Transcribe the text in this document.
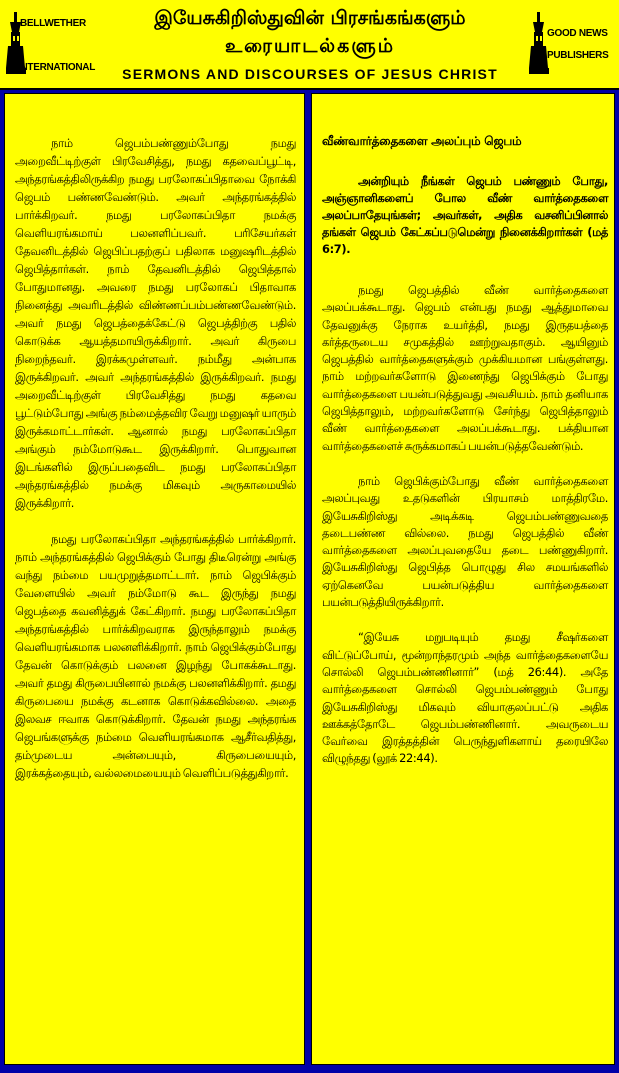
BELLWETHER
INTERNATIONAL
இயேசுகிறிஸ்துவின் பிரசங்கங்களும்
உரையாடல்களும்
SERMONS AND DISCOURSES OF JESUS CHRIST
GOOD NEWS
PUBLISHERS

நாம் ஜெபம்பண்ணும்போது நமது அறைவீட்டிற்குள் பிரவேசித்து, நமது கதவைப்பூட்டி, அந்தரங்கத்திலிருக்கிற நமது பரலோகப்பிதாவை நோக்கி ஜெபம் பண்ணவேண்டும். அவர் அந்தரங்கத்தில் பார்க்கிறவர். நமது பரலோகப்பிதா நமக்கு வெளியரங்கமாய் பலனளிப்பவர். பரிசேயர்கள் தேவனிடத்தில் ஜெபிப்பதற்குப் பதிலாக மனுஷரிடத்தில் ஜெபித்தார்கள். நாம் தேவனிடத்தில் ஜெபித்தால் போதுமானது. அவரை நமது பரலோகப் பிதாவாக நினைத்து அவரிடத்தில் விண்ணப்பம்பண்ணவேண்டும். அவர் நமது ஜெபத்தைக்கேட்டு ஜெபத்திற்கு பதில் கொடுக்க ஆயத்தமாயிருக்கிறார். அவர் கிருபை நிறைந்தவர். இரக்கமுள்ளவர். நம்மீது அன்பாக இருக்கிறவர். அவர் அந்தரங்கத்தில் இருக்கிறவர். நமது அறைவீட்டிற்குள் பிரவேசித்து நமது கதவை பூட்டும்போது அங்கு நம்மைத்தவிர வேறு மனுஷர் யாரும் இருக்கமாட்டார்கள். ஆனால் நமது பரலோகப்பிதா அங்கும் நம்மோடுகூட இருக்கிறார். பொதுவான இடங்களில் இருப்பதைவிட நமது பரலோகப்பிதா அந்தரங்கத்தில் நமக்கு மிகவும் அருகாமையில் இருக்கிறார்.

நமது பரலோகப்பிதா அந்தரங்கத்தில் பார்க்கிறார். நாம் அந்தரங்கத்தில் ஜெபிக்கும் போது திடீரென்று அங்கு வந்து நம்மை பயமுறுத்தமாட்டார். நாம் ஜெபிக்கும் வேளையில் அவர் நம்மோடு கூட இருந்து நமது ஜெபத்தை கவனித்துக் கேட்கிறார். நமது பரலோகப்பிதா அந்தரங்கத்தில் பார்க்கிறவராக இருந்தாலும் நமக்கு வெளியரங்கமாக பலனளிக்கிறார். நாம் ஜெபிக்கும்போது தேவன் கொடுக்கும் பலனை இழந்து போகக்கூடாது. அவர் தமது கிருபையினால் நமக்கு பலனளிக்கிறார். தமது கிருபையை நமக்கு கடனாக கொடுக்கவில்லை. அதை இலவச ஈவாக கொடுக்கிறார். தேவன் நமது அந்தரங்க ஜெபங்களுக்கு நம்மை வெளியரங்கமாக ஆசீர்வதித்து, தம்முடைய அன்பையும், கிருபையையும், இரக்கத்தையும், வல்லமையையும் வெளிப்படுத்துகிறார்.

வீண்வார்த்தைகளை அலப்பும் ஜெபம்
அன்றியும் நீங்கள் ஜெபம் பண்ணும் போது, அஞ்ஞானிகளைப் போல வீண் வார்த்தைகளை அலப்பாதேயுங்கள்; அவர்கள், அதிக வசனிப்பினால் தங்கள் ஜெபம் கேட்கப்படுமென்று நினைக்கிறார்கள் (மத் 6:7).

நமது ஜெபத்தில் வீண் வார்த்தைகளை அலப்பக்கூடாது. ஜெபம் என்பது நமது ஆத்துமாவை தேவனுக்கு நேராக உயர்த்தி, நமது இருதயத்தை கர்த்தருடைய சமுகத்தில் ஊற்றுவதாகும். ஆயினும் ஜெபத்தில் வார்த்தைகளுக்கும் முக்கியமான பங்குள்ளது. நாம் மற்றவர்களோடு இணைந்து ஜெபிக்கும் போது வார்த்தைகளை பயன்படுத்துவது அவசியம். நாம் தனியாக ஜெபித்தாலும், மற்றவர்களோடு சேர்ந்து ஜெபித்தாலும் வீண் வார்த்தைகளை அலப்பக்கூடாது. பக்தியான வார்த்தைகளைச் சுருக்கமாகப் பயன்படுத்தவேண்டும்.

நாம் ஜெபிக்கும்போது வீண் வார்த்தைகளை அலப்புவது உதடுகளின் பிரயாசம் மாத்திரமே. இயேசுகிறிஸ்து அடிக்கடி ஜெபம்பண்ணுவதை தடைபண்ண வில்லை. நமது ஜெபத்தில் வீண் வார்த்தைகளை அலப்புவதையே தடை பண்ணுகிறார். இயேசுகிறிஸ்து ஜெபித்த பொழுது சில சமயங்களில் ஏற்கெனவே பயன்படுத்திய வார்த்தைகளை பயன்படுத்தியிருக்கிறார்.

“இயேசு மறுபடியும் தமது சீஷர்களை விட்டுப்போய், மூன்றாந்தரமும் அந்த வார்த்தைகளையே சொல்லி ஜெபம்பண்ணினார்” (மத் 26:44). அதே வார்த்தைகளை சொல்லி ஜெபம்பண்ணும் போது இயேசுகிறிஸ்து மிகவும் வியாகுலப்பட்டு அதிக ஊக்கத்தோடே ஜெபம்பண்ணினார். அவருடைய வேர்வை இரத்தத்தின் பெருந்துளிகளாய் தரையிலே விழுந்தது (லூக் 22:44).
